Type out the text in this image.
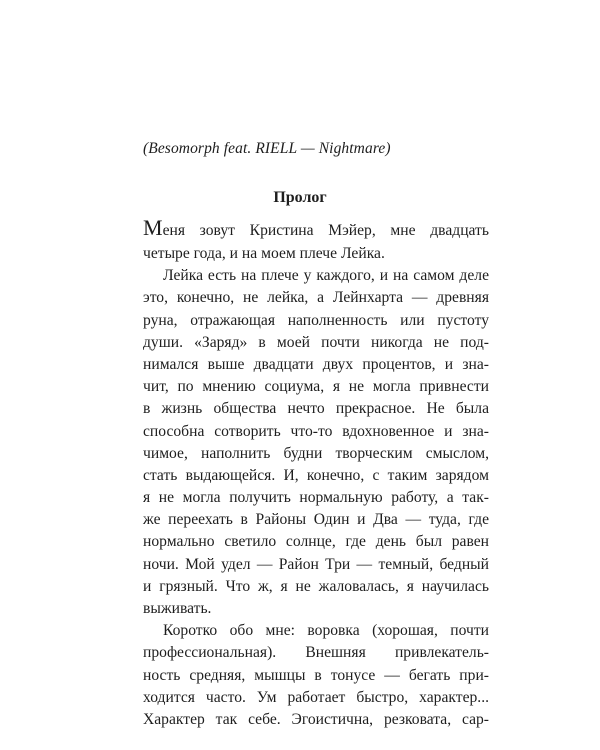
(Besomorph feat. RIELL — Nightmare)
Пролог
Меня зовут Кристина Мэйер, мне двадцать
четыре года, и на моем плече Лейка.
Лейка есть на плече у каждого, и на самом деле
это, конечно, не лейка, а Лейнхарта — древняя
руна, отражающая наполненность или пустоту
души. «Заряд» в моей почти никогда не под-
нимался выше двадцати двух процентов, и зна-
чит, по мнению социума, я не могла привнести
в жизнь общества нечто прекрасное. Не была
способна сотворить что-то вдохновенное и зна-
чимое, наполнить будни творческим смыслом,
стать выдающейся. И, конечно, с таким зарядом
я не могла получить нормальную работу, а так-
же переехать в Районы Один и Два — туда, где
нормально светило солнце, где день был равен
ночи. Мой удел — Район Три — темный, бедный
и грязный. Что ж, я не жаловалась, я научилась
выживать.
Коротко обо мне: воровка (хорошая, почти
профессиональная). Внешняя привлекатель-
ность средняя, мышцы в тонусе — бегать при-
ходится часто. Ум работает быстро, характер...
Характер так себе. Эгоистична, резковата, сар-
